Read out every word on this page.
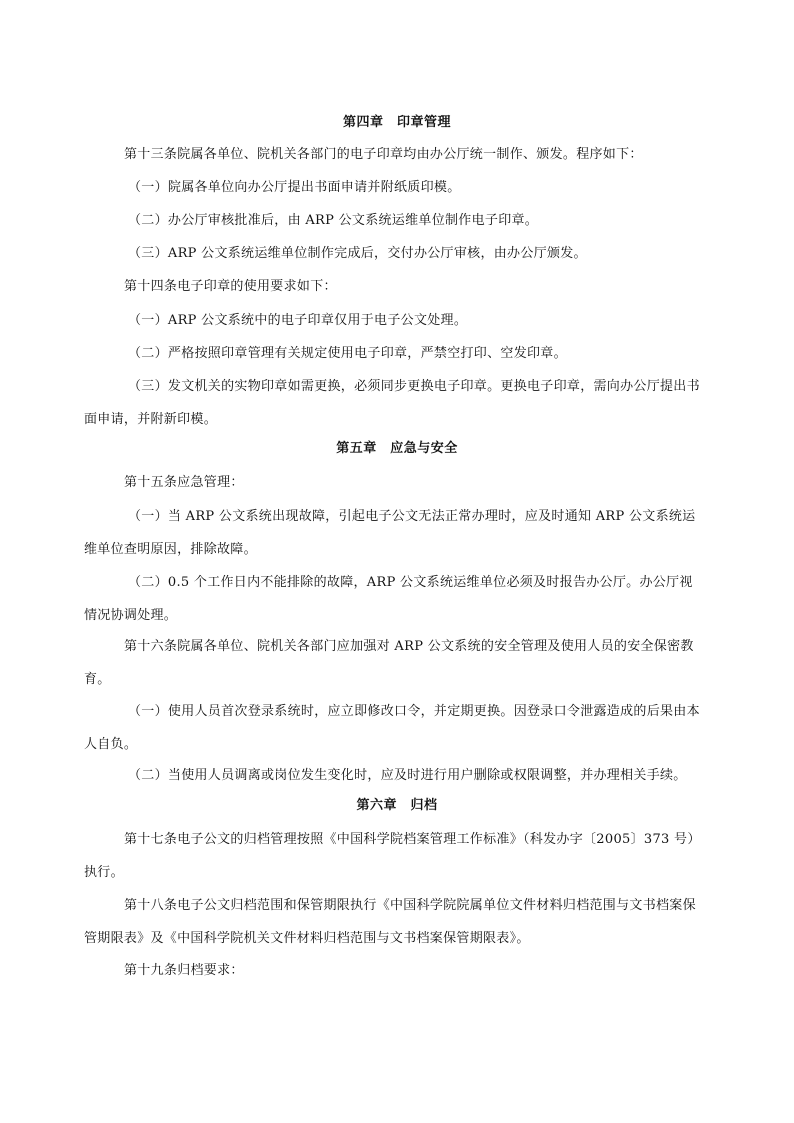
第四章　印章管理

第十三条院属各单位、院机关各部门的电子印章均由办公厅统一制作、颁发。程序如下：

（一）院属各单位向办公厅提出书面申请并附纸质印模。

（二）办公厅审核批准后，由 ARP 公文系统运维单位制作电子印章。

（三）ARP 公文系统运维单位制作完成后，交付办公厅审核，由办公厅颁发。

第十四条电子印章的使用要求如下：

（一）ARP 公文系统中的电子印章仅用于电子公文处理。

（二）严格按照印章管理有关规定使用电子印章，严禁空打印、空发印章。

（三）发文机关的实物印章如需更换，必须同步更换电子印章。更换电子印章，需向办公厅提出书面申请，并附新印模。

第五章　应急与安全

第十五条应急管理：

（一）当 ARP 公文系统出现故障，引起电子公文无法正常办理时，应及时通知 ARP 公文系统运维单位查明原因，排除故障。

（二）0.5 个工作日内不能排除的故障，ARP 公文系统运维单位必须及时报告办公厅。办公厅视情况协调处理。

第十六条院属各单位、院机关各部门应加强对 ARP 公文系统的安全管理及使用人员的安全保密教育。

（一）使用人员首次登录系统时，应立即修改口令，并定期更换。因登录口令泄露造成的后果由本人自负。

（二）当使用人员调离或岗位发生变化时，应及时进行用户删除或权限调整，并办理相关手续。

第六章　归档

第十七条电子公文的归档管理按照《中国科学院档案管理工作标准》（科发办字〔2005〕373 号）执行。

第十八条电子公文归档范围和保管期限执行《中国科学院院属单位文件材料归档范围与文书档案保管期限表》及《中国科学院机关文件材料归档范围与文书档案保管期限表》。

第十九条归档要求：
